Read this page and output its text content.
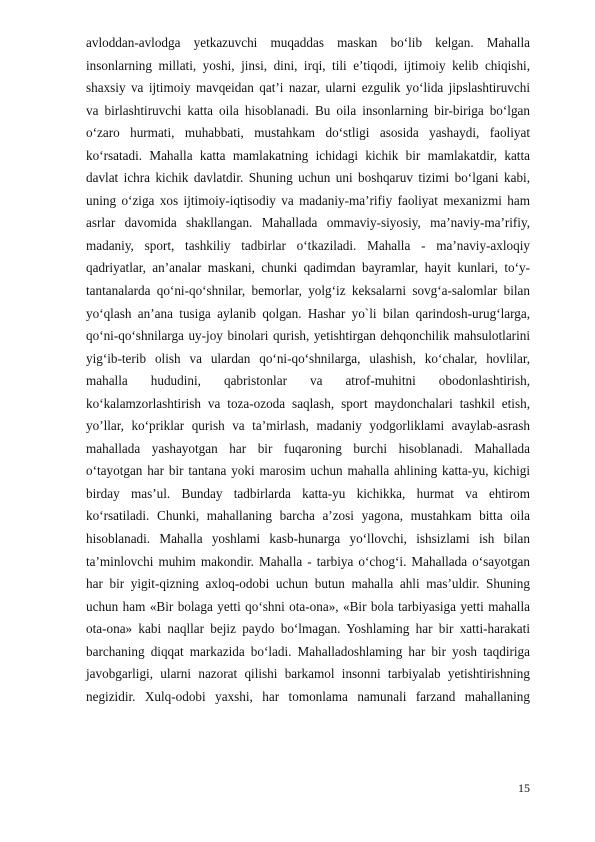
avloddan-avlodga yetkazuvchi muqaddas maskan bo‘lib kelgan. Mahalla
insonlarning millati, yoshi, jinsi, dini, irqi, tili e’tiqodi, ijtimoiy kelib chiqishi,
shaxsiy va ijtimoiy mavqeidan qat’i nazar, ularni ezgulik yo‘lida jipslashtiruvchi
va birlashtiruvchi katta oila hisoblanadi. Bu oila insonlarning bir-biriga bo‘lgan
o‘zaro hurmati, muhabbati, mustahkam do‘stligi asosida yashaydi, faoliyat
ko‘rsatadi. Mahalla katta mamlakatning ichidagi kichik bir mamlakatdir, katta
davlat ichra kichik davlatdir. Shuning uchun uni boshqaruv tizimi bo‘lgani kabi,
uning o‘ziga xos ijtimoiy-iqtisodiy va madaniy-ma’rifiy faoliyat mexanizmi ham
asrlar davomida shakllangan. Mahallada ommaviy-siyosiy, ma’naviy-ma’rifiy,
madaniy, sport, tashkiliy tadbirlar o‘tkaziladi. Mahalla - ma’naviy-axloqiy
qadriyatlar, an’analar maskani, chunki qadimdan bayramlar, hayit kunlari, to‘y-
tantanalarda qo‘ni-qo‘shnilar, bemorlar, yolg‘iz keksalarni sovg‘a-salomlar bilan
yo‘qlash an’ana tusiga aylanib qolgan. Hashar yo`li bilan qarindosh-urug‘larga,
qo‘ni-qo‘shnilarga uy-joy binolari qurish, yetishtirgan dehqonchilik mahsulotlarini
yig‘ib-terib olish va ulardan qo‘ni-qo‘shnilarga, ulashish, ko‘chalar, hovlilar,
mahalla hududini, qabristonlar va atrof-muhitni obodonlashtirish,
ko‘kalamzorlashtirish va toza-ozoda saqlash, sport maydonchalari tashkil etish,
yo’llar, ko‘priklar qurish va ta’mirlash, madaniy yodgorliklami avaylab-asrash
mahallada yashayotgan har bir fuqaroning burchi hisoblanadi. Mahallada
o‘tayotgan har bir tantana yoki marosim uchun mahalla ahlining katta-yu, kichigi
birday mas’ul. Bunday tadbirlarda katta-yu kichikka, hurmat va ehtirom
ko‘rsatiladi. Chunki, mahallaning barcha a’zosi yagona, mustahkam bitta oila
hisoblanadi. Mahalla yoshlami kasb-hunarga yo‘llovchi, ishsizlami ish bilan
ta’minlovchi muhim makondir. Mahalla - tarbiya o‘chog‘i. Mahallada o‘sayotgan
har bir yigit-qizning axloq-odobi uchun butun mahalla ahli mas’uldir. Shuning
uchun ham «Bir bolaga yetti qo‘shni ota-ona», «Bir bola tarbiyasiga yetti mahalla
ota-ona» kabi naqllar bejiz paydo bo‘lmagan. Yoshlaming har bir xatti-harakati
barchaning diqqat markazida bo‘ladi. Mahalladoshlaming har bir yosh taqdiriga
javobgarligi, ularni nazorat qilishi barkamol insonni tarbiyalab yetishtirishning
negizidir. Xulq-odobi yaxshi, har tomonlama namunali farzand mahallaning
15
